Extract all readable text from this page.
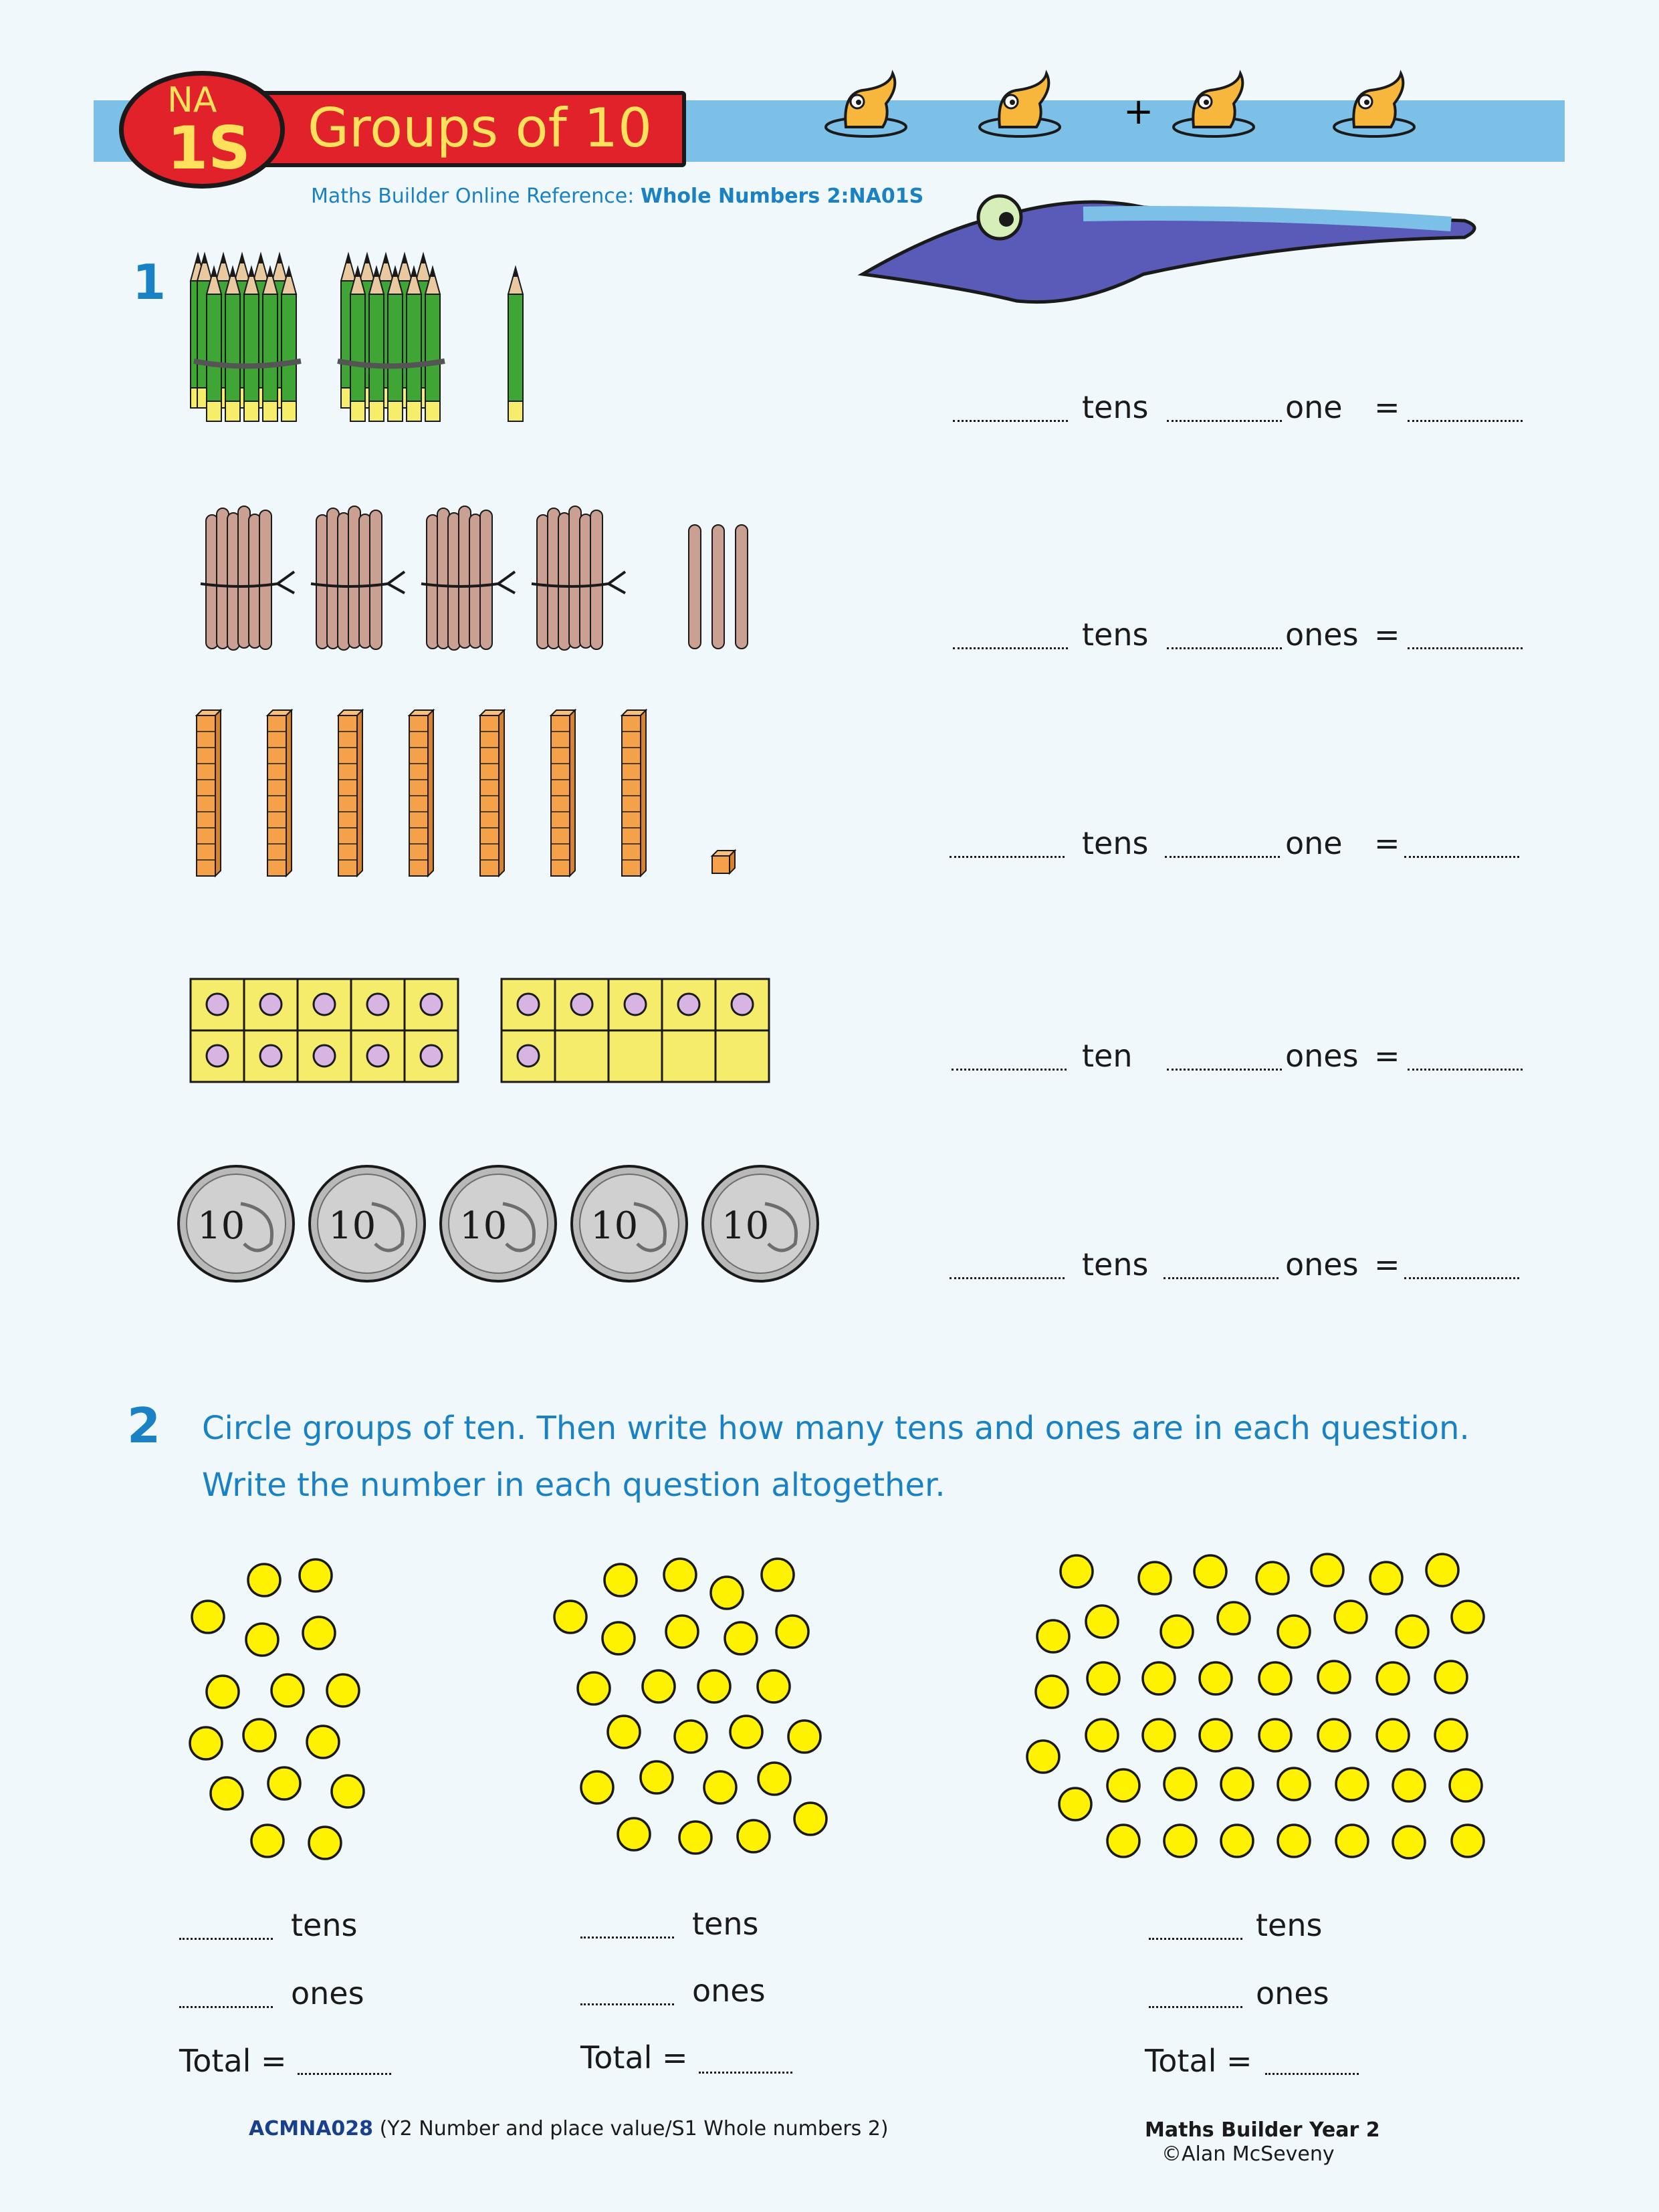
Groups of 10
NA
1S
Maths Builder Online Reference: Whole Numbers 2:NA01S
+
1
tens	one =
tens	ones =
tens	one =
ten	ones =
10 10 10 10 10
tens	ones =
2 Circle groups of ten. Then write how many tens and ones are in each question.
Write the number in each question altogether.
tens
ones
Total =
tens
ones
Total =
tens
ones
Total =
ACMNA028 (Y2 Number and place value/S1 Whole numbers 2)	Maths Builder Year 2
©Alan McSeveny
